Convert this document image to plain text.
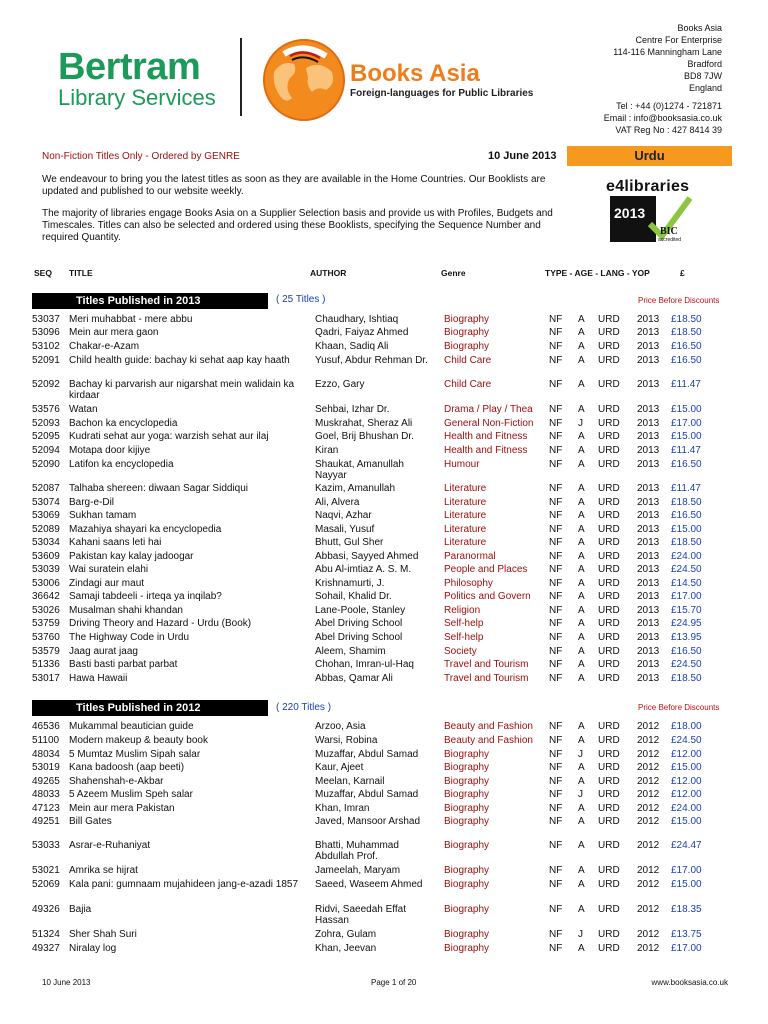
Bertram
Library Services
Books Asia
Foreign-languages for Public Libraries
Books Asia
Centre For Enterprise
114-116 Manningham Lane
Bradford
BD8 7JW
England
Tel : +44 (0)1274 - 721871
Email : info@booksasia.co.uk
VAT Reg No : 427 8414 39
Non-Fiction Titles Only - Ordered by GENRE	10 June 2013	Urdu

We endeavour to bring you the latest titles as soon as they are available in the Home Countries. Our Booklists are updated and published to our website weekly.

The majority of libraries engage Books Asia on a Supplier Selection basis and provide us with Profiles, Budgets and Timescales. Titles can also be selected and ordered using these Booklists, specifying the Sequence Number and required Quantity.

e4libraries
2013
BIC
accredited
SEQ TITLE	AUTHOR	Genre	TYPE - AGE - LANG - YOP	£
Titles Published in 2013	( 25 Titles )	Price Before Discounts
53037 Meri muhabbat - mere abbu	Chaudhary, Ishtiaq	Biography	NF A URD 2013 £18.50
53096 Mein aur mera gaon	Qadri, Faiyaz Ahmed	Biography	NF A URD 2013 £18.50
53102 Chakar-e-Azam	Khaan, Sadiq Ali	Biography	NF A URD 2013 £16.50
52091 Child health guide: bachay ki sehat aap kay haath	Yusuf, Abdur Rehman Dr.	Child Care	NF A URD 2013 £16.50
52092 Bachay ki parvarish aur nigarshat mein walidain ka kirdaar
Ezzo, Gary	Child Care	NF A URD 2013 £11.47
53576 Watan	Sehbai, Izhar Dr.	Drama / Play / Thea	NF A URD 2013 £15.00
52093 Bachon ka encyclopedia	Muskrahat, Sheraz Ali	General Non-Fiction	NF J URD 2013 £17.00
52095 Kudrati sehat aur yoga: warzish sehat aur ilaj	Goel, Brij Bhushan Dr.	Health and Fitness	NF A URD 2013 £15.00
52094 Motapa door kijiye	Kiran	Health and Fitness	NF A URD 2013 £11.47
52090 Latifon ka encyclopedia	Shaukat, Amanullah Nayyar
Humour	NF A URD 2013 £16.50
52087 Talhaba shereen: diwaan Sagar Siddiqui	Kazim, Amanullah	Literature	NF A URD 2013 £11.47
53074 Barg-e-Dil	Ali, Alvera	Literature	NF A URD 2013 £18.50
53069 Sukhan tamam	Naqvi, Azhar	Literature	NF A URD 2013 £16.50
52089 Mazahiya shayari ka encyclopedia	Masali, Yusuf	Literature	NF A URD 2013 £15.00
53034 Kahani saans leti hai	Bhutt, Gul Sher	Literature	NF A URD 2013 £18.50
53609 Pakistan kay kalay jadoogar	Abbasi, Sayyed Ahmed	Paranormal	NF A URD 2013 £24.00
53039 Wai suratein elahi	Abu Al-imtiaz A. S. M.	People and Places	NF A URD 2013 £24.50
53006 Zindagi aur maut	Krishnamurti, J.	Philosophy	NF A URD 2013 £14.50
36642 Samaji tabdeeli - irteqa ya inqilab?	Sohail, Khalid Dr.	Politics and Govern	NF A URD 2013 £17.00
53026 Musalman shahi khandan	Lane-Poole, Stanley	Religion	NF A URD 2013 £15.70
53759 Driving Theory and Hazard - Urdu (Book)	Abel Driving School	Self-help	NF A URD 2013 £24.95
53760 The Highway Code in Urdu	Abel Driving School	Self-help	NF A URD 2013 £13.95
53579 Jaag aurat jaag	Aleem, Shamim	Society	NF A URD 2013 £16.50
51336 Basti basti parbat parbat	Chohan, Imran-ul-Haq	Travel and Tourism	NF A URD 2013 £24.50
53017 Hawa Hawaii	Abbas, Qamar Ali	Travel and Tourism	NF A URD 2013 £18.50
Titles Published in 2012	( 220 Titles )	Price Before Discounts
46536 Mukammal beautician guide	Arzoo, Asia	Beauty and Fashion	NF A URD 2012 £18.00
51100 Modern makeup & beauty book	Warsi, Robina	Beauty and Fashion	NF A URD 2012 £24.50
48034 5 Mumtaz Muslim Sipah salar	Muzaffar, Abdul Samad	Biography	NF J URD 2012 £12.00
53019 Kana badoosh (aap beeti)	Kaur, Ajeet	Biography	NF A URD 2012 £15.00
49265 Shahenshah-e-Akbar	Meelan, Karnail	Biography	NF A URD 2012 £12.00
48033 5 Azeem Muslim Speh salar	Muzaffar, Abdul Samad	Biography	NF J URD 2012 £12.00
47123 Mein aur mera Pakistan	Khan, Imran	Biography	NF A URD 2012 £24.00
49251 Bill Gates	Javed, Mansoor Arshad	Biography	NF A URD 2012 £15.00
53033 Asrar-e-Ruhaniyat	Bhatti, Muhammad Abdullah Prof.
Biography	NF A URD 2012 £24.47
53021 Amrika se hijrat	Jameelah, Maryam	Biography	NF A URD 2012 £17.00
52069 Kala pani: gumnaam mujahideen jang-e-azadi 1857	Saeed, Waseem Ahmed	Biography	NF A URD 2012 £15.00
49326 Bajia	Ridvi, Saeedah Effat Hassan
Biography	NF A URD 2012 £18.35
51324 Sher Shah Suri	Zohra, Gulam	Biography	NF J URD 2012 £13.75
49327 Niralay log	Khan, Jeevan	Biography	NF A URD 2012 £17.00
10 June 2013	Page 1 of 20	www.booksasia.co.uk
